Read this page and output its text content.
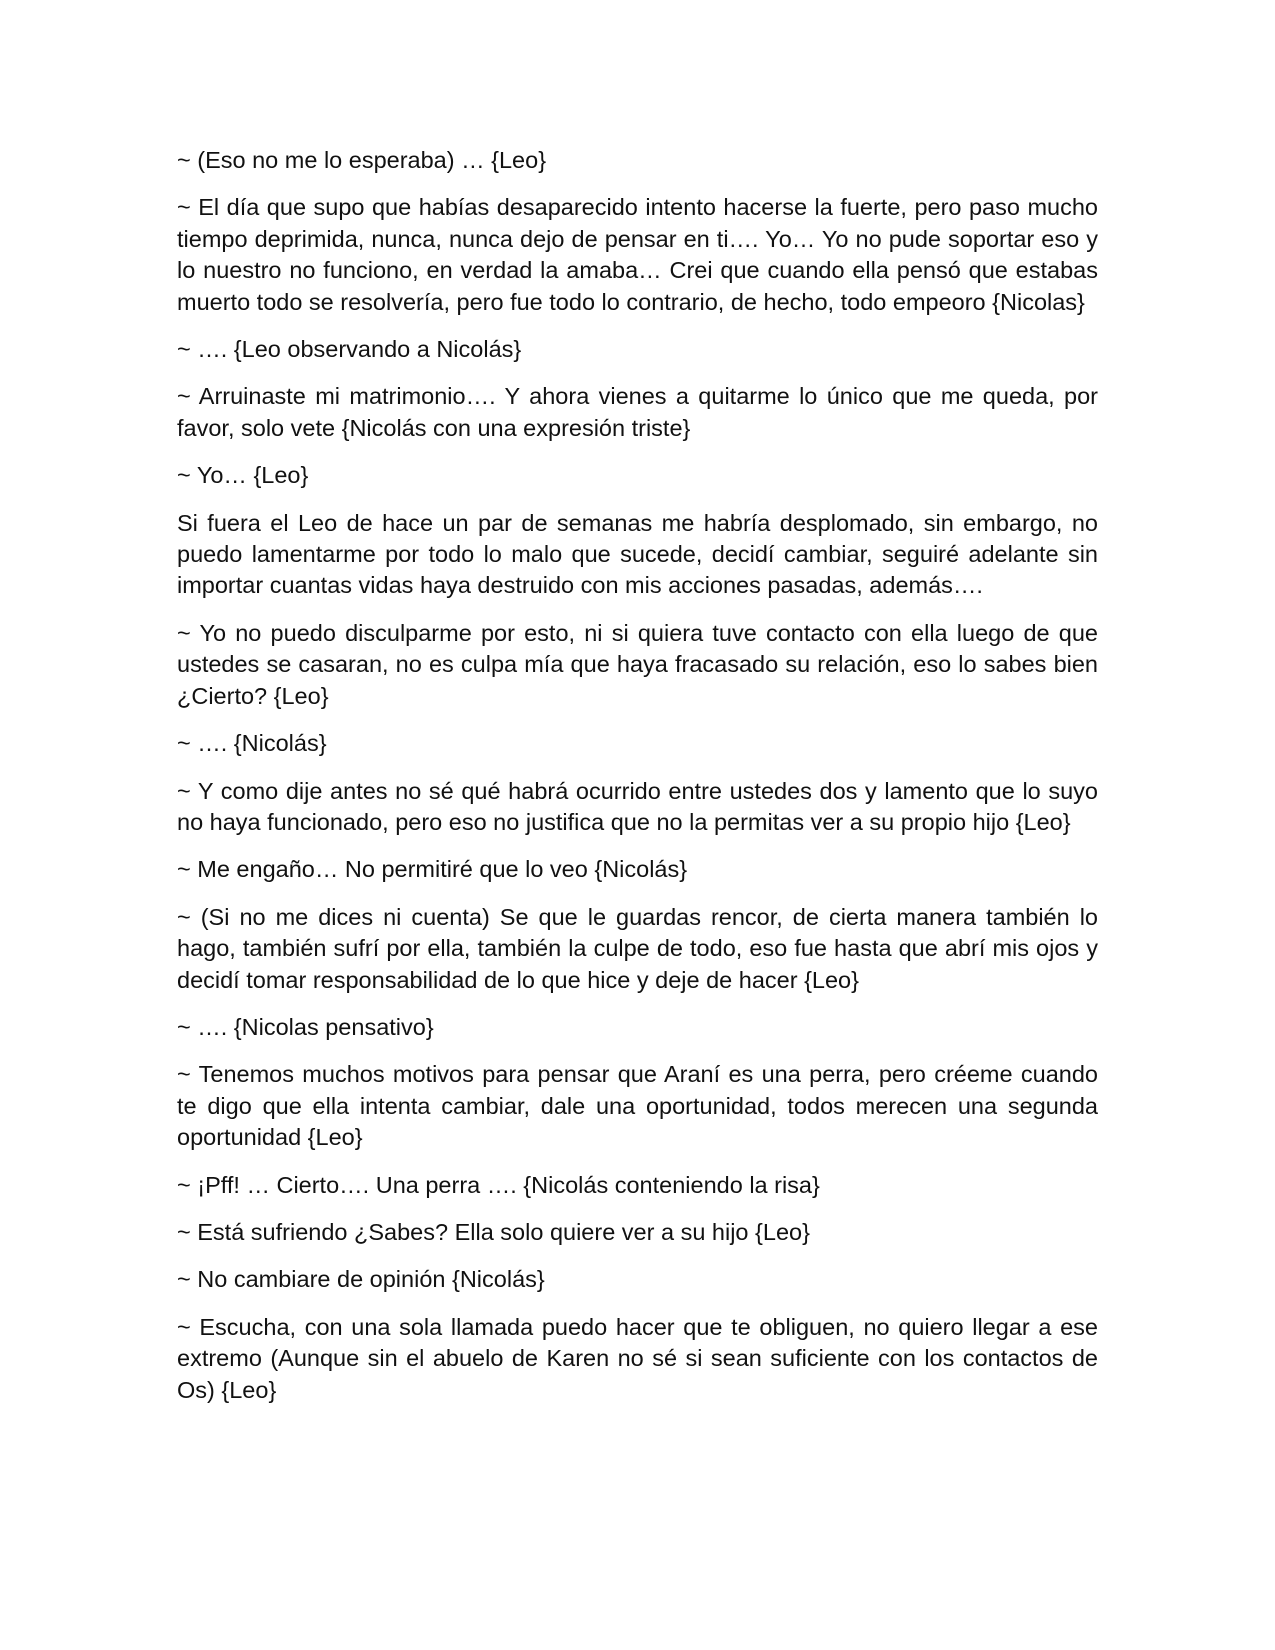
~ (Eso no me lo esperaba) … {Leo}

~ El día que supo que habías desaparecido intento hacerse la fuerte, pero paso mucho tiempo deprimida, nunca, nunca dejo de pensar en ti…. Yo… Yo no pude soportar eso y lo nuestro no funciono, en verdad la amaba… Crei que cuando ella pensó que estabas muerto todo se resolvería, pero fue todo lo contrario, de hecho, todo empeoro {Nicolas}

~ …. {Leo observando a Nicolás}

~ Arruinaste mi matrimonio…. Y ahora vienes a quitarme lo único que me queda, por favor, solo vete {Nicolás con una expresión triste}

~ Yo… {Leo}

Si fuera el Leo de hace un par de semanas me habría desplomado, sin embargo, no puedo lamentarme por todo lo malo que sucede, decidí cambiar, seguiré adelante sin importar cuantas vidas haya destruido con mis acciones pasadas, además….

~ Yo no puedo disculparme por esto, ni si quiera tuve contacto con ella luego de que ustedes se casaran, no es culpa mía que haya fracasado su relación, eso lo sabes bien ¿Cierto? {Leo}

~ …. {Nicolás}

~ Y como dije antes no sé qué habrá ocurrido entre ustedes dos y lamento que lo suyo no haya funcionado, pero eso no justifica que no la permitas ver a su propio hijo {Leo}

~ Me engaño… No permitiré que lo veo {Nicolás}

~ (Si no me dices ni cuenta) Se que le guardas rencor, de cierta manera también lo hago, también sufrí por ella, también la culpe de todo, eso fue hasta que abrí mis ojos y decidí tomar responsabilidad de lo que hice y deje de hacer {Leo}

~ …. {Nicolas pensativo}

~ Tenemos muchos motivos para pensar que Araní es una perra, pero créeme cuando te digo que ella intenta cambiar, dale una oportunidad, todos merecen una segunda oportunidad {Leo}

~ ¡Pff! … Cierto…. Una perra …. {Nicolás conteniendo la risa}

~ Está sufriendo ¿Sabes? Ella solo quiere ver a su hijo {Leo}

~ No cambiare de opinión {Nicolás}

~ Escucha, con una sola llamada puedo hacer que te obliguen, no quiero llegar a ese extremo (Aunque sin el abuelo de Karen no sé si sean suficiente con los contactos de Os) {Leo}
